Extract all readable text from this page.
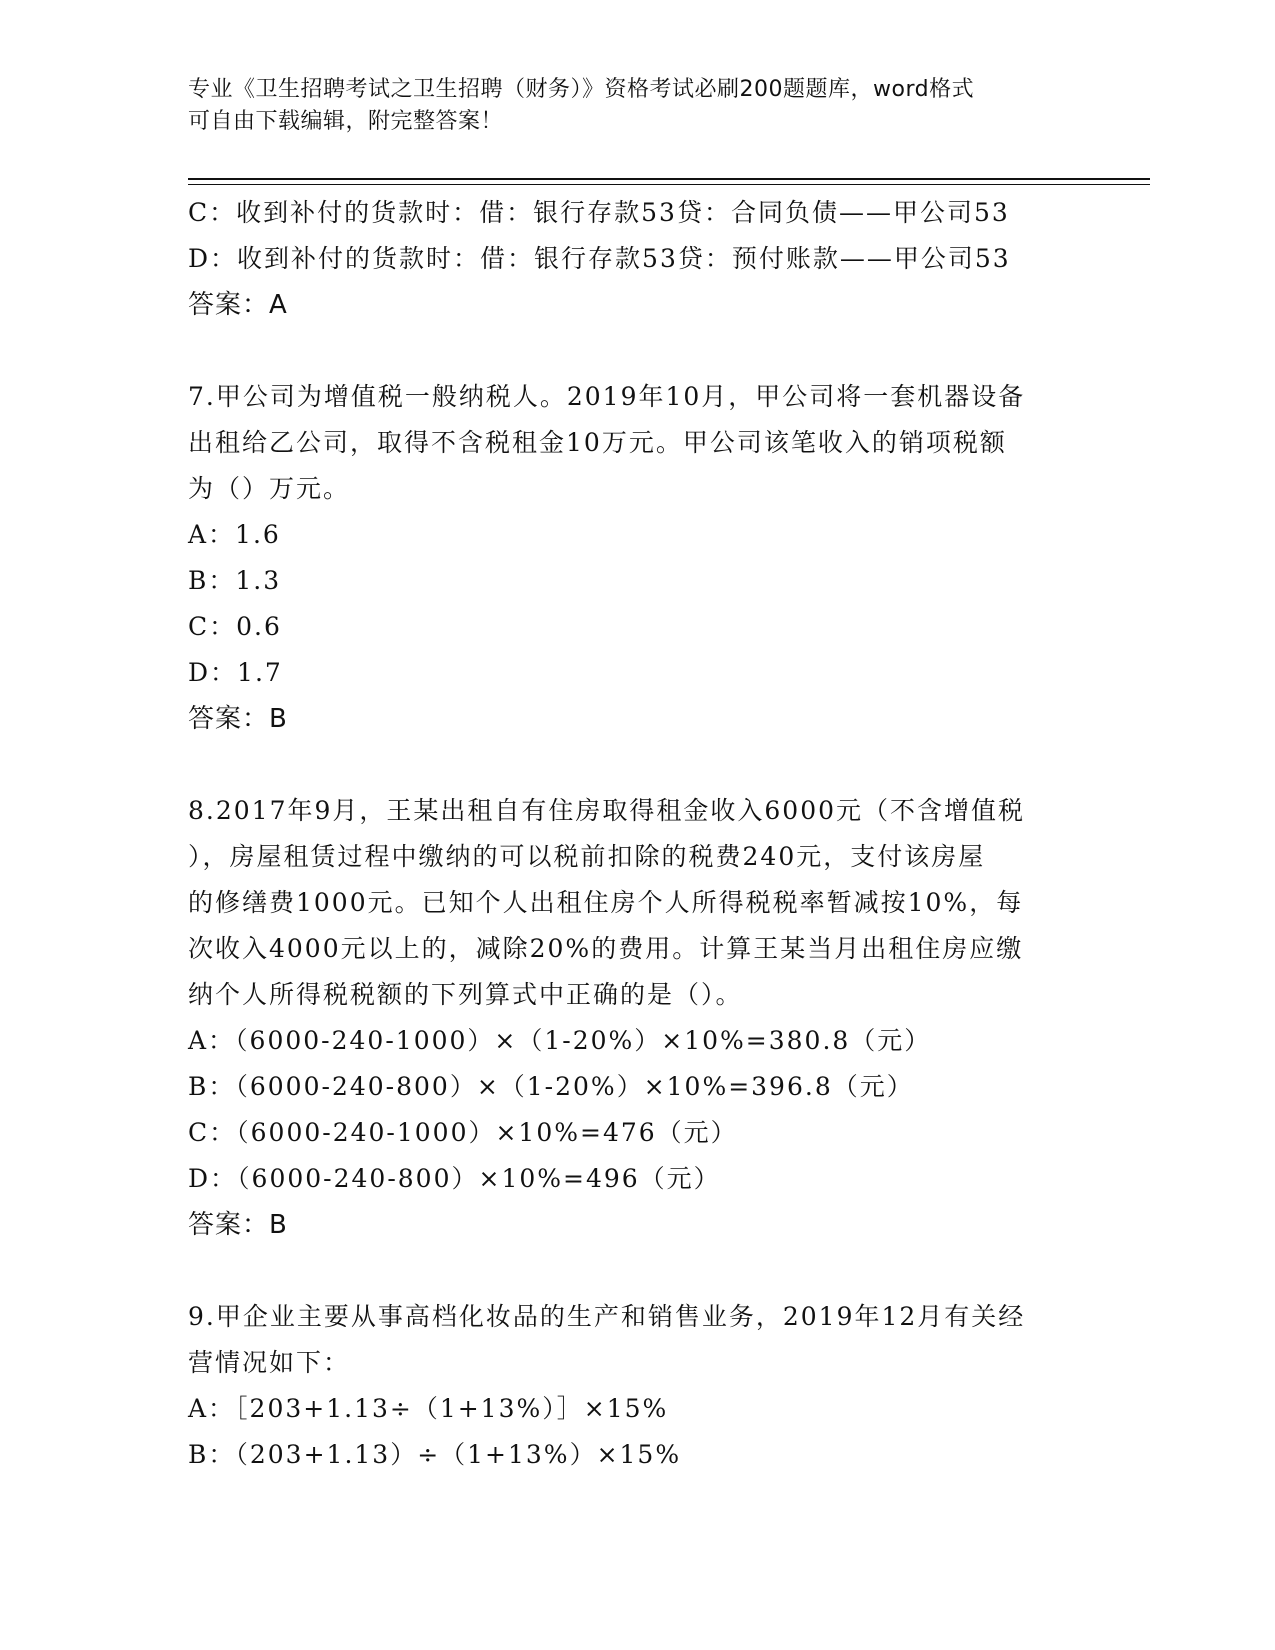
专业《卫生招聘考试之卫生招聘（财务）》资格考试必刷200题题库，word格式
可自由下载编辑，附完整答案！
C：收到补付的货款时：借：银行存款53贷：合同负债——甲公司53
D：收到补付的货款时：借：银行存款53贷：预付账款——甲公司53
答案：A
7.甲公司为增值税一般纳税人。2019年10月，甲公司将一套机器设备
出租给乙公司，取得不含税租金10万元。甲公司该笔收入的销项税额
为（）万元。
A：1.6
B：1.3
C：0.6
D：1.7
答案：B
8.2017年9月，王某出租自有住房取得租金收入6000元（不含增值税
），房屋租赁过程中缴纳的可以税前扣除的税费240元，支付该房屋
的修缮费1000元。已知个人出租住房个人所得税税率暂减按10%，每
次收入4000元以上的，减除20%的费用。计算王某当月出租住房应缴
纳个人所得税税额的下列算式中正确的是（）。
A：（6000-240-1000）×（1-20%）×10%=380.8（元）
B：（6000-240-800）×（1-20%）×10%=396.8（元）
C：（6000-240-1000）×10%=476（元）
D：（6000-240-800）×10%=496（元）
答案：B
9.甲企业主要从事高档化妆品的生产和销售业务，2019年12月有关经
营情况如下：
A：［203+1.13÷（1+13%）］×15%
B：（203+1.13）÷（1+13%）×15%
